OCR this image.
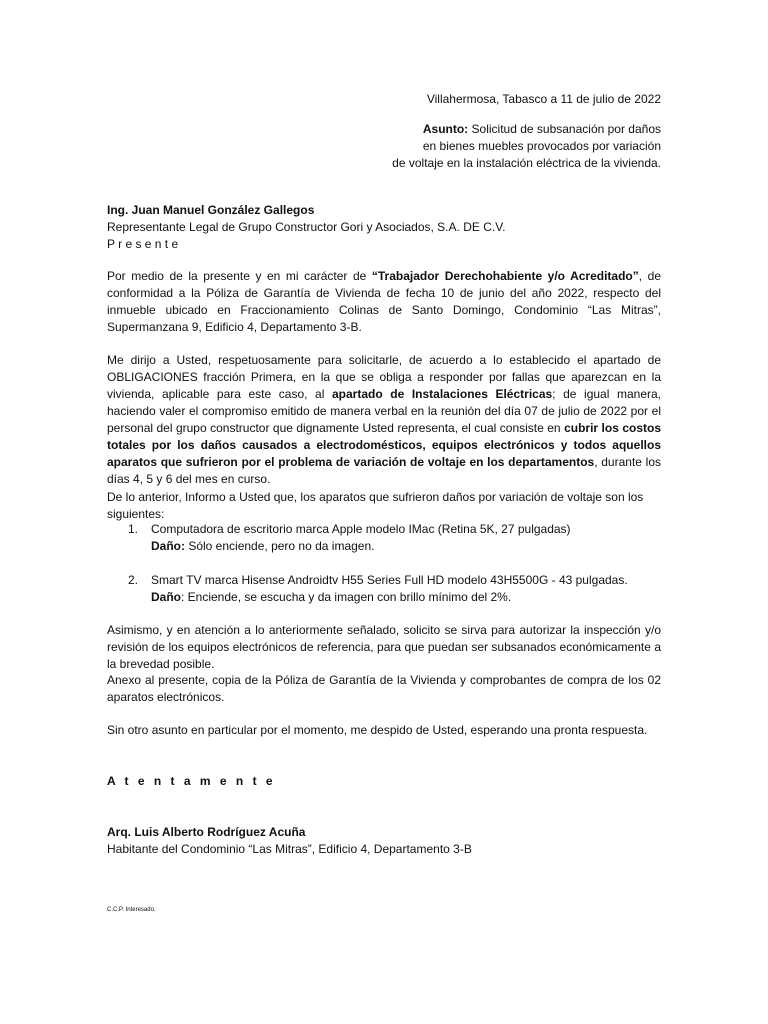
Villahermosa, Tabasco a 11 de julio de 2022
Asunto: Solicitud de subsanación por daños
en bienes muebles provocados por variación
de voltaje en la instalación eléctrica de la vivienda.
Ing. Juan Manuel González Gallegos
Representante Legal de Grupo Constructor Gori y Asociados, S.A. DE C.V.
P r e s e n t e
Por medio de la presente y en mi carácter de “Trabajador Derechohabiente y/o Acreditado”, de conformidad a la Póliza de Garantía de Vivienda de fecha 10 de junio del año 2022, respecto del inmueble ubicado en Fraccionamiento Colinas de Santo Domingo, Condominio “Las Mitras”, Supermanzana 9, Edificio 4, Departamento 3-B.
Me dirijo a Usted, respetuosamente para solicitarle, de acuerdo a lo establecido el apartado de OBLIGACIONES fracción Primera, en la que se obliga a responder por fallas que aparezcan en la vivienda, aplicable para este caso, al apartado de Instalaciones Eléctricas; de igual manera, haciendo valer el compromiso emitido de manera verbal en la reunión del día 07 de julio de 2022 por el personal del grupo constructor que dignamente Usted representa, el cual consiste en cubrir los costos totales por los daños causados a electrodomésticos, equipos electrónicos y todos aquellos aparatos que sufrieron por el problema de variación de voltaje en los departamentos, durante los días 4, 5 y 6 del mes en curso.
De lo anterior, Informo a Usted que, los aparatos que sufrieron daños por variación de voltaje son los siguientes:
1. Computadora de escritorio marca Apple modelo IMac (Retina 5K, 27 pulgadas)
Daño: Sólo enciende, pero no da imagen.
2. Smart TV marca Hisense Androidtv H55 Series Full HD modelo 43H5500G - 43 pulgadas.
Daño: Enciende, se escucha y da imagen con brillo mínimo del 2%.
Asimismo, y en atención a lo anteriormente señalado, solicito se sirva para autorizar la inspección y/o revisión de los equipos electrónicos de referencia, para que puedan ser subsanados económicamente a la brevedad posible.
Anexo al presente, copia de la Póliza de Garantía de la Vivienda y comprobantes de compra de los 02 aparatos electrónicos.
Sin otro asunto en particular por el momento, me despido de Usted, esperando una pronta respuesta.
A t e n t a m e n t e
Arq. Luis Alberto Rodríguez Acuña
Habitante del Condominio “Las Mitras”, Edificio 4, Departamento 3-B
C.C.P. Interesado.
